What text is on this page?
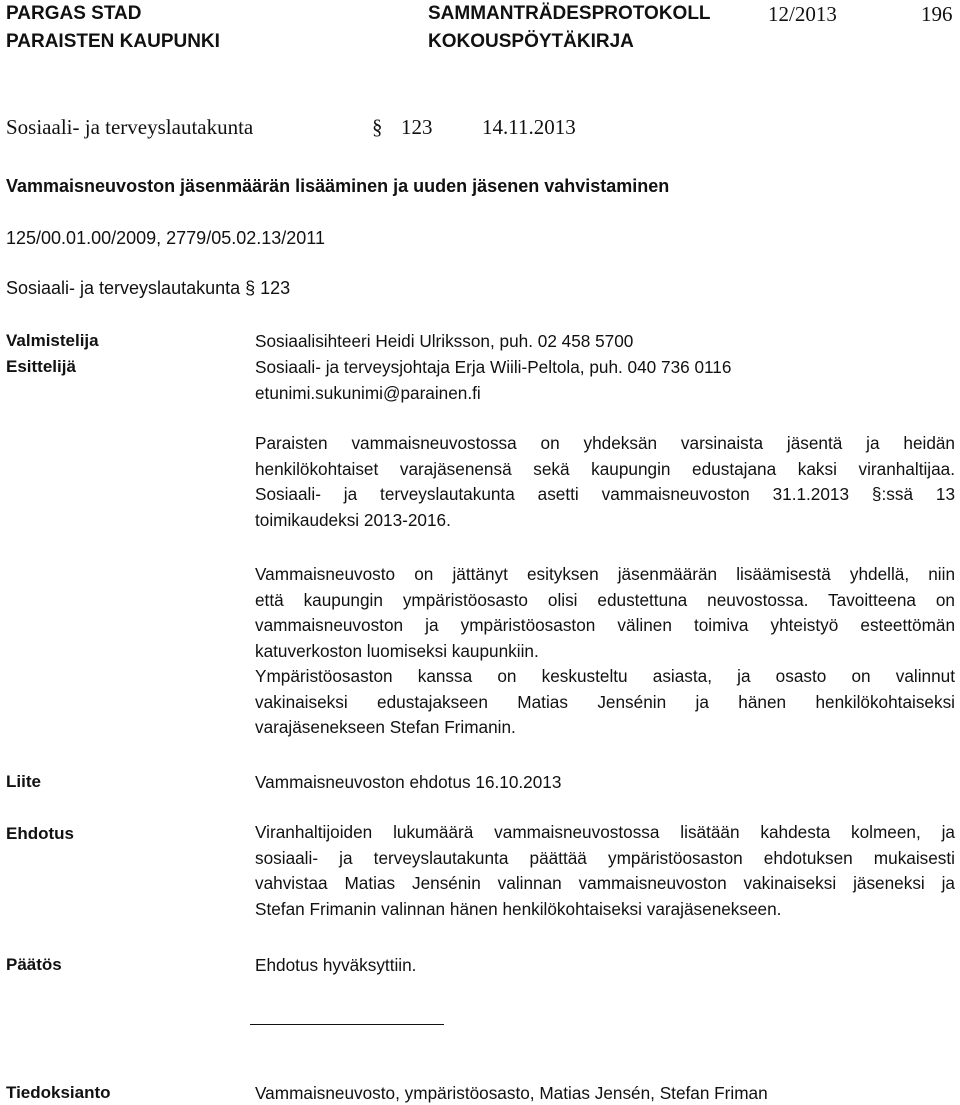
PARGAS STAD
PARAISTEN KAUPUNKI
SAMMANTRÄDESPROTOKOLL
KOKOUSPÖYTÄKIRJA
12/2013	196
Sosiaali- ja terveyslautakunta	§ 123 14.11.2013
Vammaisneuvoston jäsenmäärän lisääminen ja uuden jäsenen vahvistaminen
125/00.01.00/2009, 2779/05.02.13/2011
Sosiaali- ja terveyslautakunta § 123
Valmistelija	Sosiaalisihteeri Heidi Ulriksson, puh. 02 458 5700
Esittelijä	Sosiaali- ja terveysjohtaja Erja Wiili-Peltola, puh. 040 736 0116
etunimi.sukunimi@parainen.fi
Paraisten vammaisneuvostossa on yhdeksän varsinaista jäsentä ja heidän
henkilökohtaiset varajäsenensä sekä kaupungin edustajana kaksi viranhaltijaa.
Sosiaali- ja terveyslautakunta asetti vammaisneuvoston 31.1.2013 §:ssä 13
toimikaudeksi 2013-2016.
Vammaisneuvosto on jättänyt esityksen jäsenmäärän lisäämisestä yhdellä, niin
että kaupungin ympäristöosasto olisi edustettuna neuvostossa. Tavoitteena on
vammaisneuvoston ja ympäristöosaston välinen toimiva yhteistyö esteettömän
katuverkoston luomiseksi kaupunkiin.
Ympäristöosaston kanssa on keskusteltu asiasta, ja osasto on valinnut
vakinaiseksi edustajakseen Matias Jensénin ja hänen henkilökohtaiseksi
varajäsenekseen Stefan Frimanin.
Liite	Vammaisneuvoston ehdotus 16.10.2013
Ehdotus	Viranhaltijoiden lukumäärä vammaisneuvostossa lisätään kahdesta kolmeen, ja
sosiaali- ja terveyslautakunta päättää ympäristöosaston ehdotuksen mukaisesti
vahvistaa Matias Jensénin valinnan vammaisneuvoston vakinaiseksi jäseneksi ja
Stefan Frimanin valinnan hänen henkilökohtaiseksi varajäsenekseen.
Päätös	Ehdotus hyväksyttiin.
Tiedoksianto	Vammaisneuvosto, ympäristöosasto, Matias Jensén, Stefan Friman
